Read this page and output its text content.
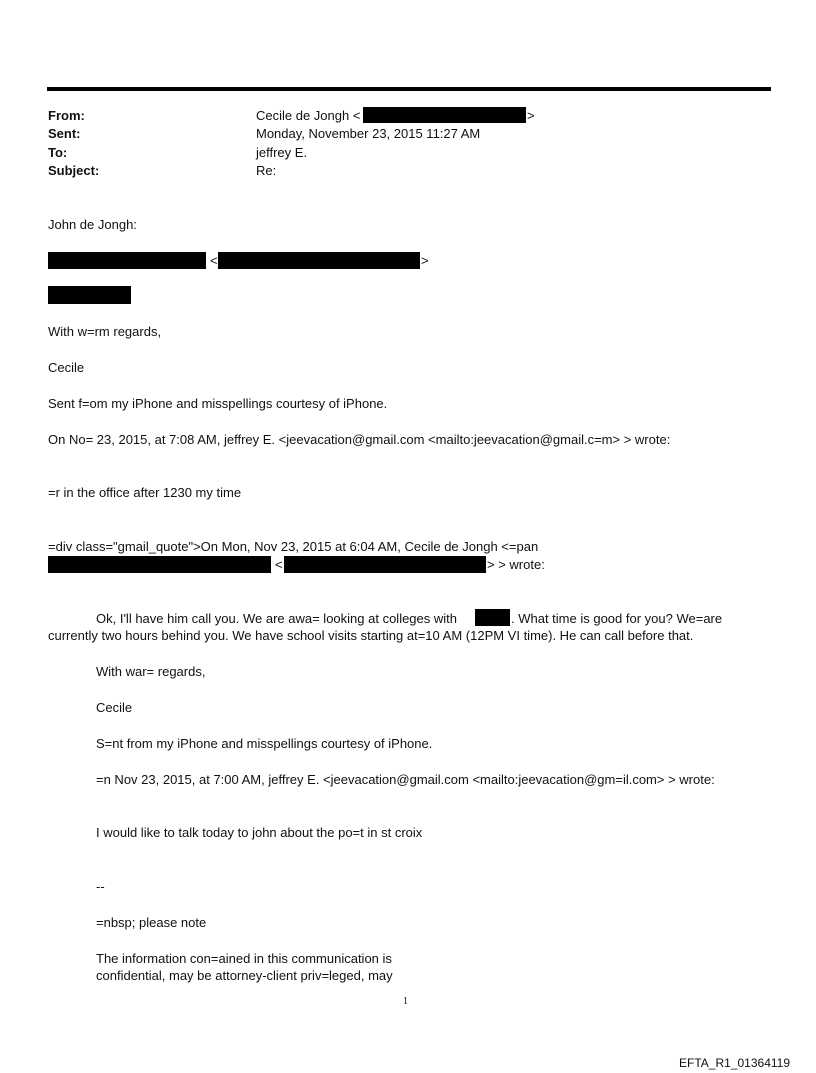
From:	Cecile de Jongh <	>
Sent:	Monday, November 23, 2015 11:27 AM
To:	jeffrey E.
Subject:	Re:
John de Jongh:
<	>
With w=rm regards,
Cecile
Sent f=om my iPhone and misspellings courtesy of iPhone.
On No= 23, 2015, at 7:08 AM, jeffrey E. <jeevacation@gmail.com <mailto:jeevacation@gmail.c=m> > wrote:
=r in the office after 1230 my time
=div class="gmail_quote">On Mon, Nov 23, 2015 at 6:04 AM, Cecile de Jongh <=pan
<	> > wrote:
Ok, I'll have him call you. We are awa= looking at colleges with	. What time is good for you? We=are
currently two hours behind you. We have school visits starting at=10 AM (12PM VI time). He can call before that.
With war= regards,
Cecile
S=nt from my iPhone and misspellings courtesy of iPhone.
=n Nov 23, 2015, at 7:00 AM, jeffrey E. <jeevacation@gmail.com <mailto:jeevacation@gm=il.com> > wrote:
I would like to talk today to john about the po=t in st croix
--
=nbsp; please note
The information con=ained in this communication is
confidential, may be attorney-client priv=leged, may
1
EFTA_R1_01364119
